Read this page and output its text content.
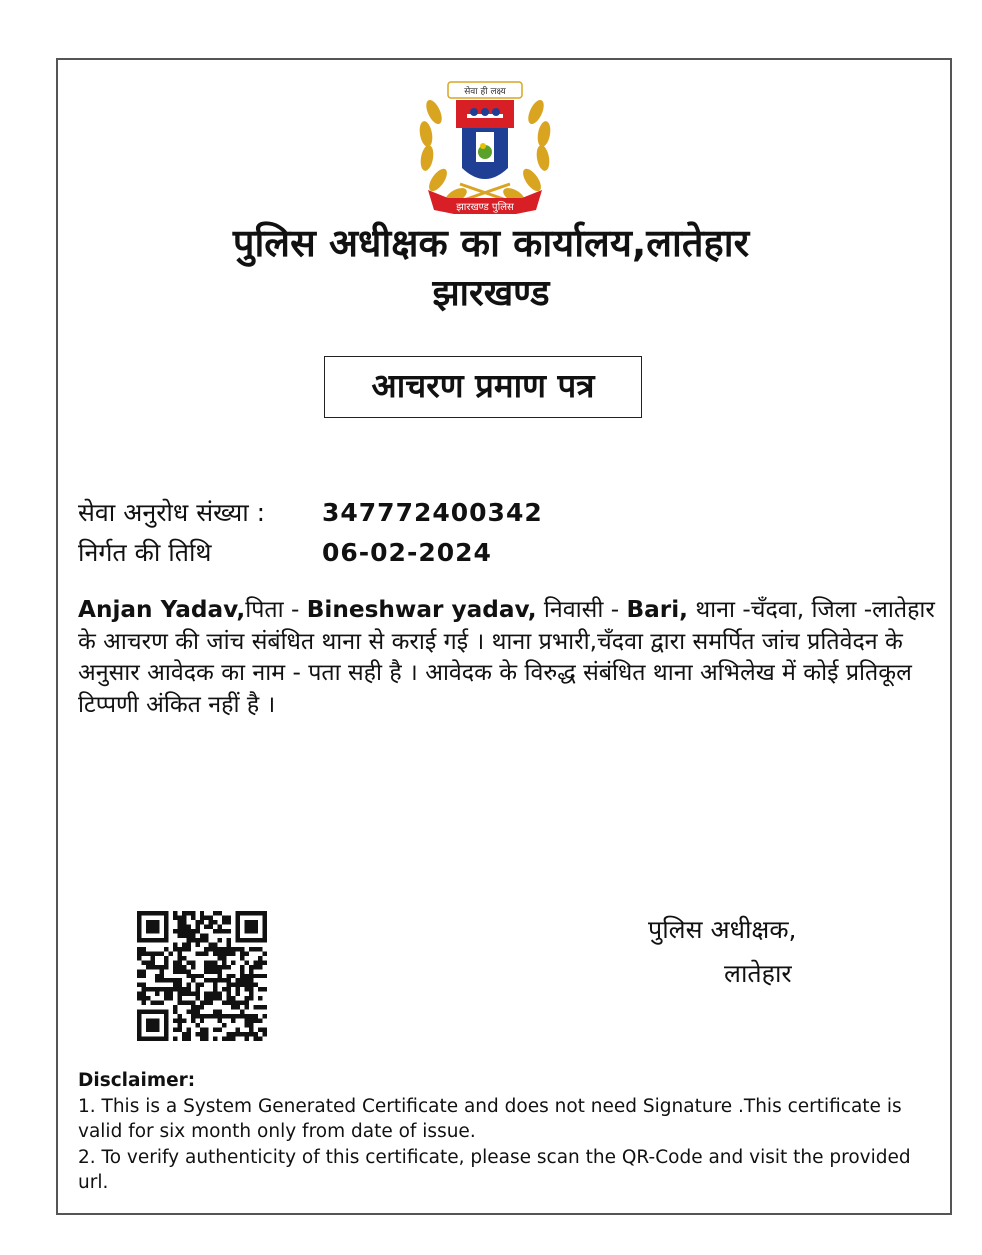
सेवा ही लक्ष्य
झारखण्ड पुलिस
पुलिस अधीक्षक का कार्यालय,लातेहार
झारखण्ड
आचरण प्रमाण पत्र
सेवा अनुरोध संख्या : 347772400342
निर्गत की तिथि	06-02-2024
Anjan Yadav,पिता - Bineshwar yadav, निवासी - Bari, थाना -चँदवा, जिला -लातेहार के आचरण की जांच संबंधित थाना से कराई गई । थाना प्रभारी,चँदवा द्वारा समर्पित जांच प्रतिवेदन के अनुसार आवेदक का नाम - पता सही है । आवेदक के विरुद्ध संबंधित थाना अभिलेख में कोई प्रतिकूल टिप्पणी अंकित नहीं है ।
पुलिस अधीक्षक,
लातेहार

Disclaimer:

1. This is a System Generated Certificate and does not need Signature .This certificate is valid for six month only from date of issue.

2. To verify authenticity of this certificate, please scan the QR-Code and visit the provided url.
